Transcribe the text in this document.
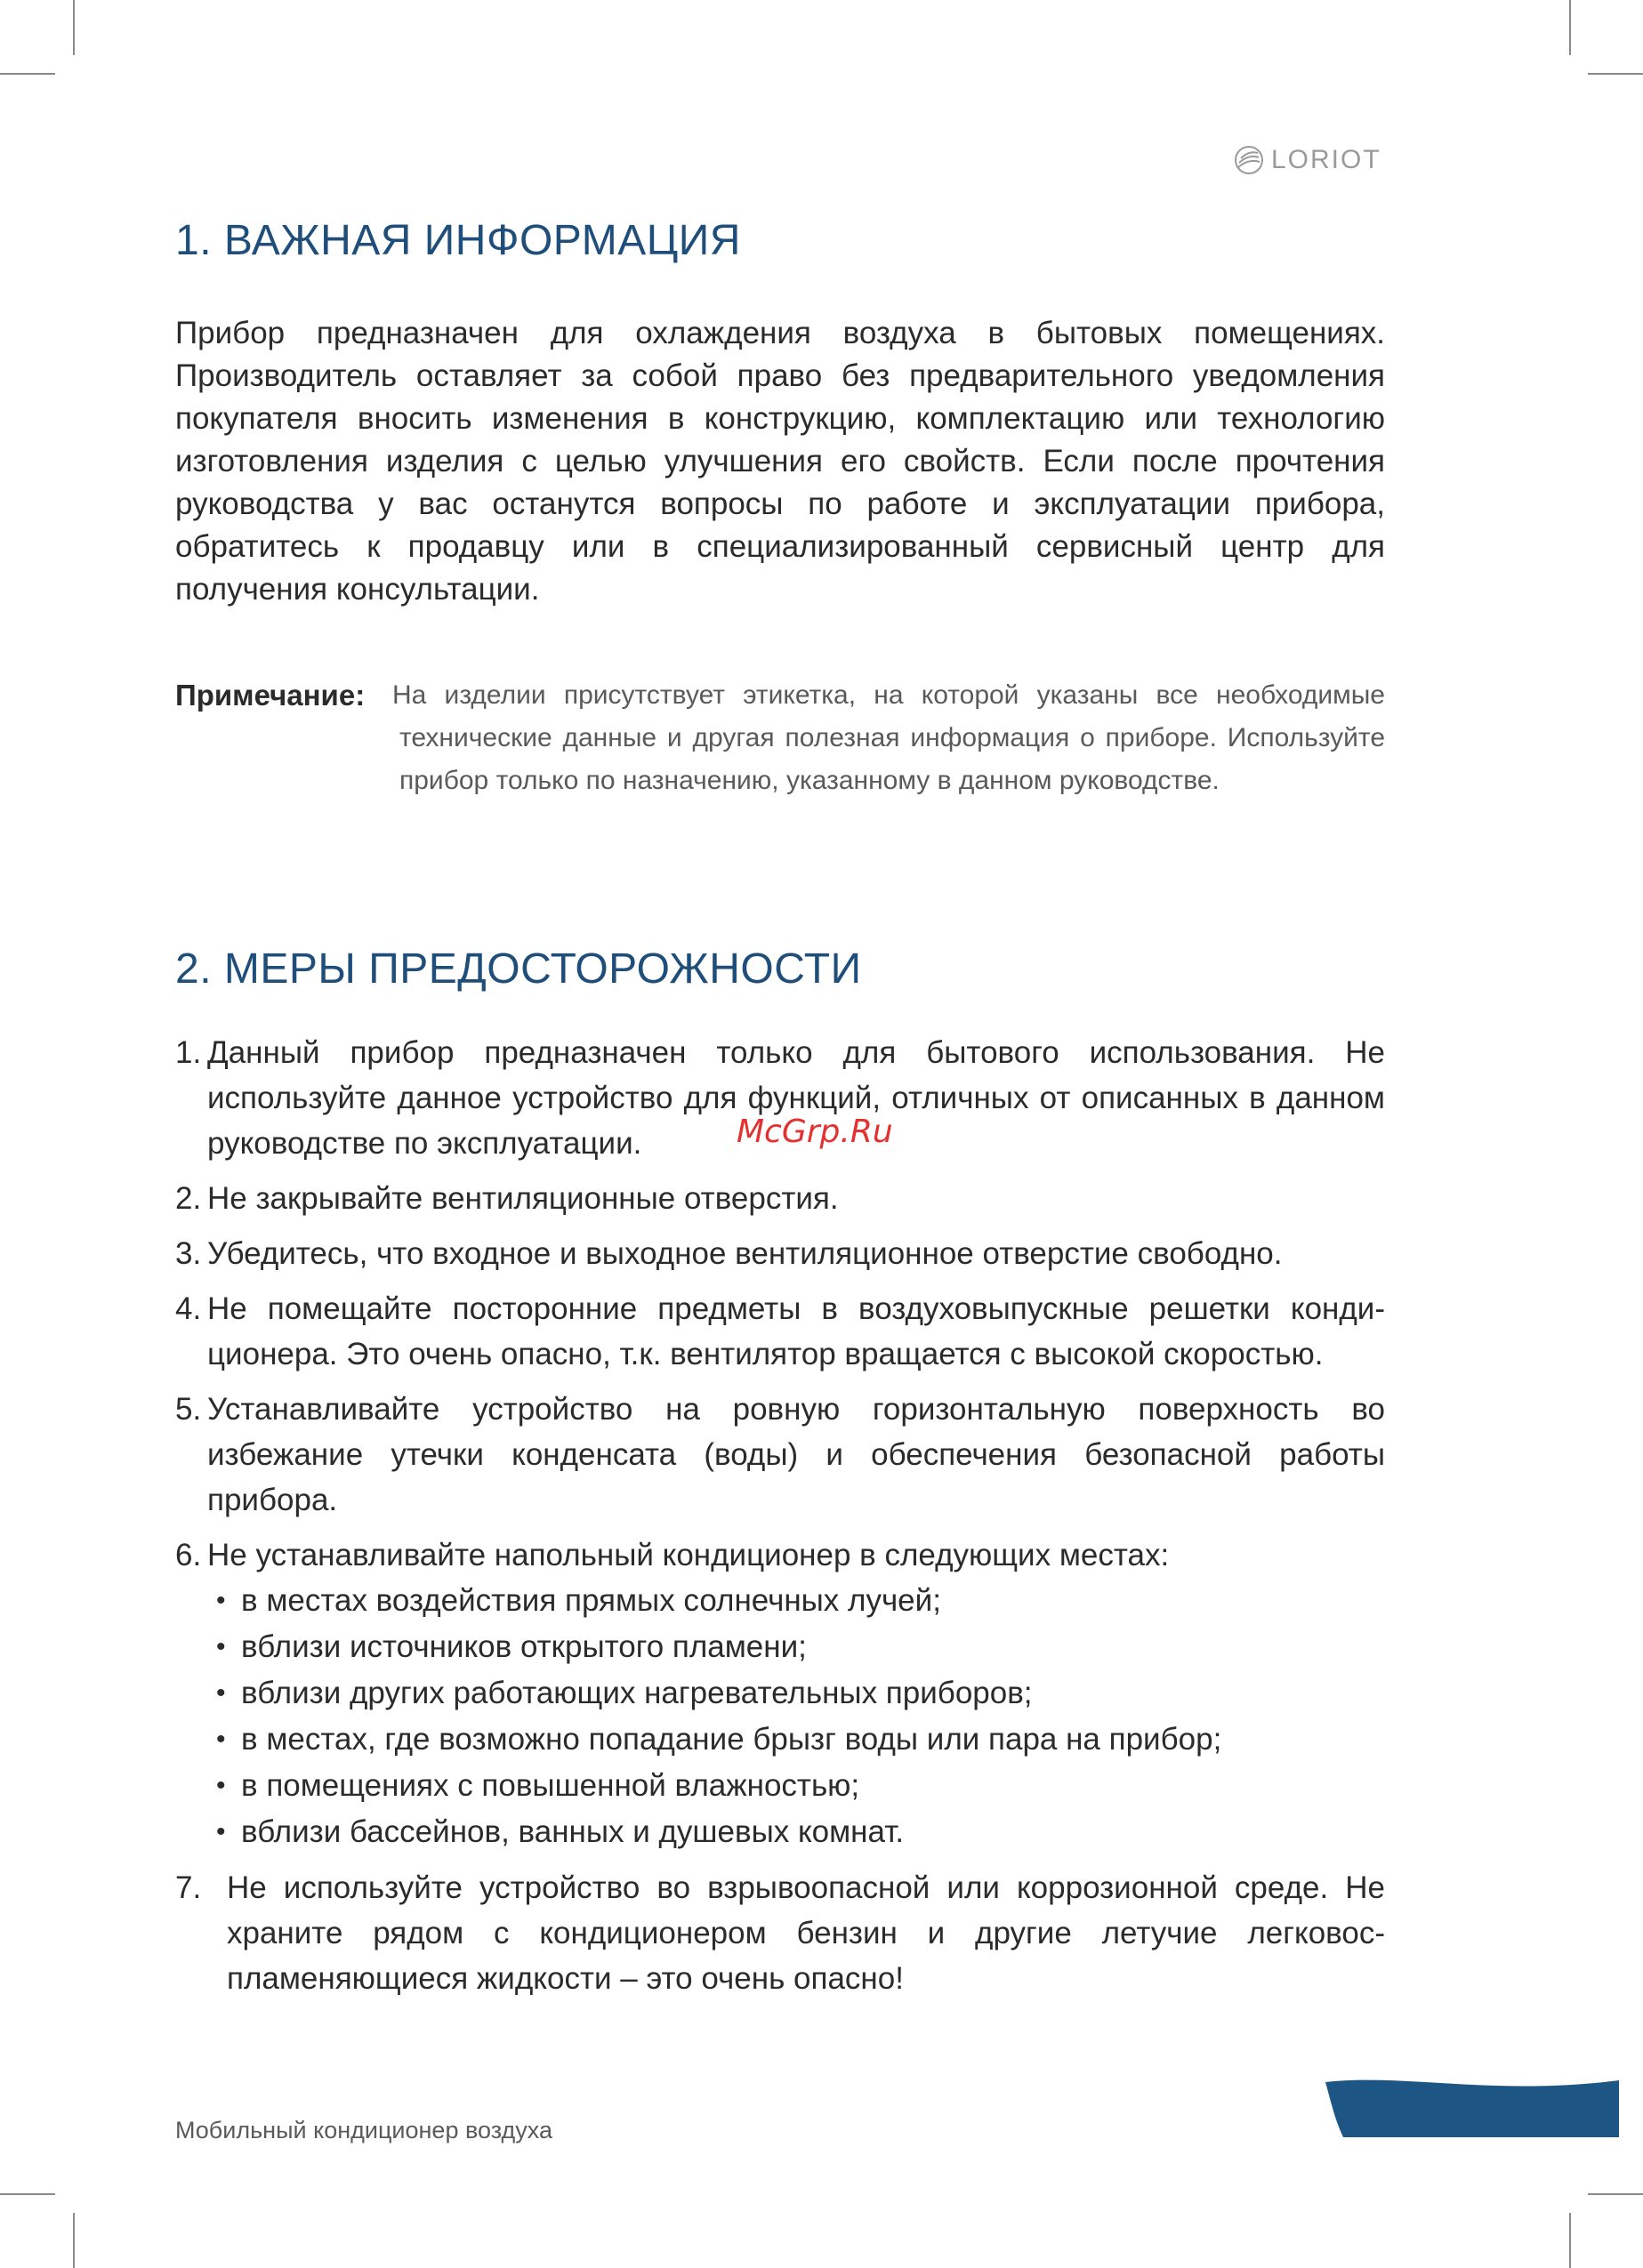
LORIOT
1. ВАЖНАЯ ИНФОРМАЦИЯ

Прибор предназначен для охлаждения воздуха в бытовых помещениях. Производитель оставляет за собой право без предварительного уведомления покупателя вносить изменения в конструкцию, комплектацию или технологию изготовления изделия с целью улучшения его свойств. Если после прочтения руководства у вас останутся вопросы по работе и эксплуатации прибора, обратитесь к продавцу или в специализированный сервисный центр для получения консультации.

Примечание:	На изделии присутствует этикетка, на которой указаны все необходимые технические данные и другая полезная информация о приборе. Используйте прибор только по назначению, указанному в данном руководстве.

2. МЕРЫ ПРЕДОСТОРОЖНОСТИ
1. Данный прибор предназначен только для бытового использования. Не используйте данное устройство для функций, отличных от описанных в данном руководстве по эксплуатации.
2. Не закрывайте вентиляционные отверстия.
3. Убедитесь, что входное и выходное вентиляционное отверстие свободно.
4. Не помещайте посторонние предметы в воздуховыпускные решетки кондиционера. Это очень опасно, т.к. вентилятор вращается с высокой скоростью.
5. Устанавливайте устройство на ровную горизонтальную поверхность во избежание утечки конденсата (воды) и обеспечения безопасной работы прибора.
6. Не устанавливайте напольный кондиционер в следующих местах:
• в местах воздействия прямых солнечных лучей;
• вблизи источников открытого пламени;
• вблизи других работающих нагревательных приборов;
• в местах, где возможно попадание брызг воды или пара на прибор;
• в помещениях с повышенной влажностью;
• вблизи бассейнов, ванных и душевых комнат.
7. Не используйте устройство во взрывоопасной или коррозионной среде. Не храните рядом с кондиционером бензин и другие летучие легковоспламеняющиеся жидкости – это очень опасно!
McGrp.Ru
Мобильный кондиционер воздуха
